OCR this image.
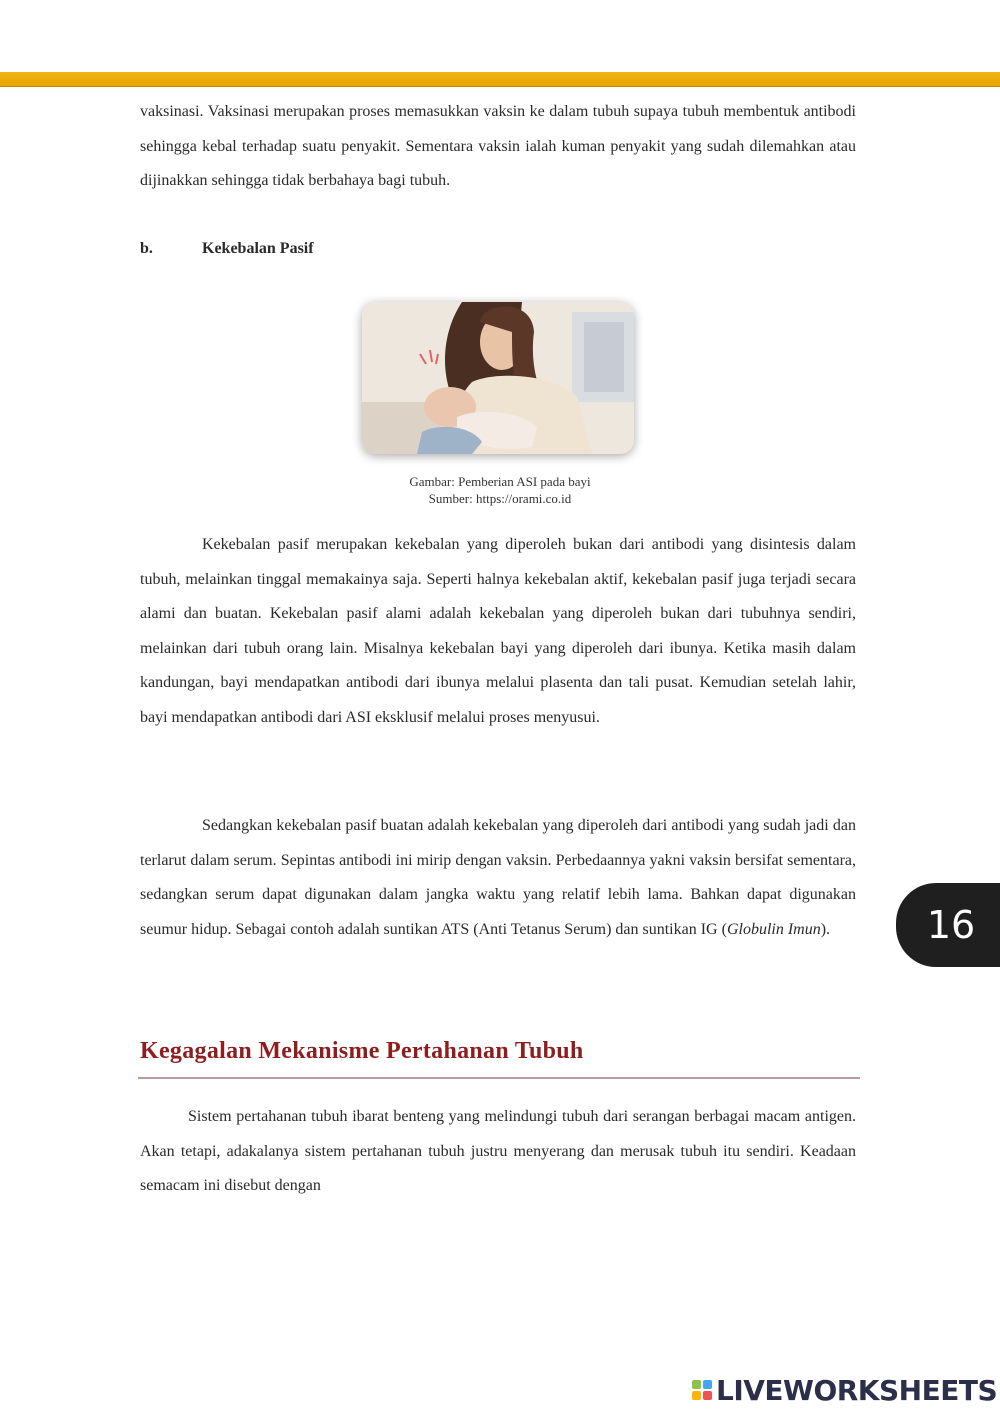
vaksinasi. Vaksinasi merupakan proses memasukkan vaksin ke dalam tubuh supaya tubuh membentuk antibodi sehingga kebal terhadap suatu penyakit. Sementara vaksin ialah kuman penyakit yang sudah dilemahkan atau dijinakkan sehingga tidak berbahaya bagi tubuh.

b.	Kekebalan Pasif
Gambar: Pemberian ASI pada bayi
Sumber: https://orami.co.id

Kekebalan pasif merupakan kekebalan yang diperoleh bukan dari antibodi yang disintesis dalam tubuh, melainkan tinggal memakainya saja. Seperti halnya kekebalan aktif, kekebalan pasif juga terjadi secara alami dan buatan. Kekebalan pasif alami adalah kekebalan yang diperoleh bukan dari tubuhnya sendiri, melainkan dari tubuh orang lain. Misalnya kekebalan bayi yang diperoleh dari ibunya. Ketika masih dalam kandungan, bayi mendapatkan antibodi dari ibunya melalui plasenta dan tali pusat. Kemudian setelah lahir, bayi mendapatkan antibodi dari ASI eksklusif melalui proses menyusui.

Sedangkan kekebalan pasif buatan adalah kekebalan yang diperoleh dari antibodi yang sudah jadi dan terlarut dalam serum. Sepintas antibodi ini mirip dengan vaksin. Perbedaannya yakni vaksin bersifat sementara, sedangkan serum dapat digunakan dalam jangka waktu yang relatif lebih lama. Bahkan dapat digunakan seumur hidup. Sebagai contoh adalah suntikan ATS (Anti Tetanus Serum) dan suntikan IG (Globulin Imun).

Kegagalan Mekanisme Pertahanan Tubuh

Sistem pertahanan tubuh ibarat benteng yang melindungi tubuh dari serangan berbagai macam antigen. Akan tetapi, adakalanya sistem pertahanan tubuh justru menyerang dan merusak tubuh itu sendiri. Keadaan semacam ini disebut dengan

16
LIVEWORKSHEETS
